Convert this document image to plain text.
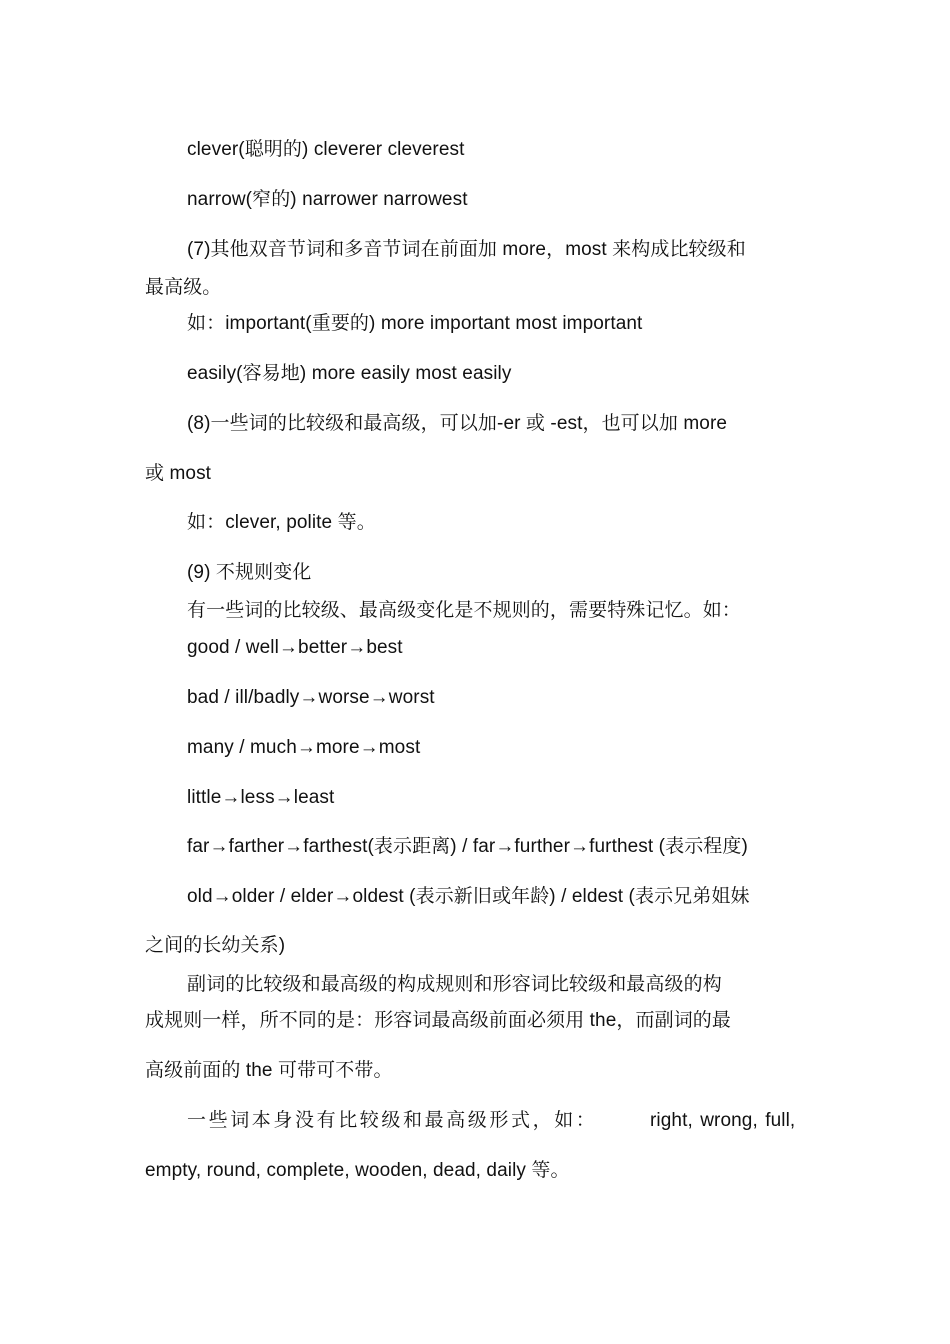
clever(聪明的) cleverer cleverest

narrow(窄的) narrower narrowest

(7)其他双音节词和多音节词在前面加 more，most 来构成比较级和

最高级。

如：important(重要的) more important most important

easily(容易地) more easily most easily

(8)一些词的比较级和最高级，可以加-er 或 -est，也可以加 more

或 most

如：clever, polite 等。

(9) 不规则变化

有一些词的比较级、最高级变化是不规则的，需要特殊记忆。如：

good / well→better→best

bad / ill/badly→worse→worst

many / much→more→most

little→less→least

far→farther→farthest(表示距离) / far→further→furthest (表示程度)

old→older / elder→oldest (表示新旧或年龄) / eldest (表示兄弟姐妹

之间的长幼关系)

副词的比较级和最高级的构成规则和形容词比较级和最高级的构

成规则一样，所不同的是：形容词最高级前面必须用 the，而副词的最

高级前面的 the 可带可不带。

一些词本身没有比较级和最高级形式，如：	right, wrong, full,

empty, round, complete, wooden, dead, daily 等。
